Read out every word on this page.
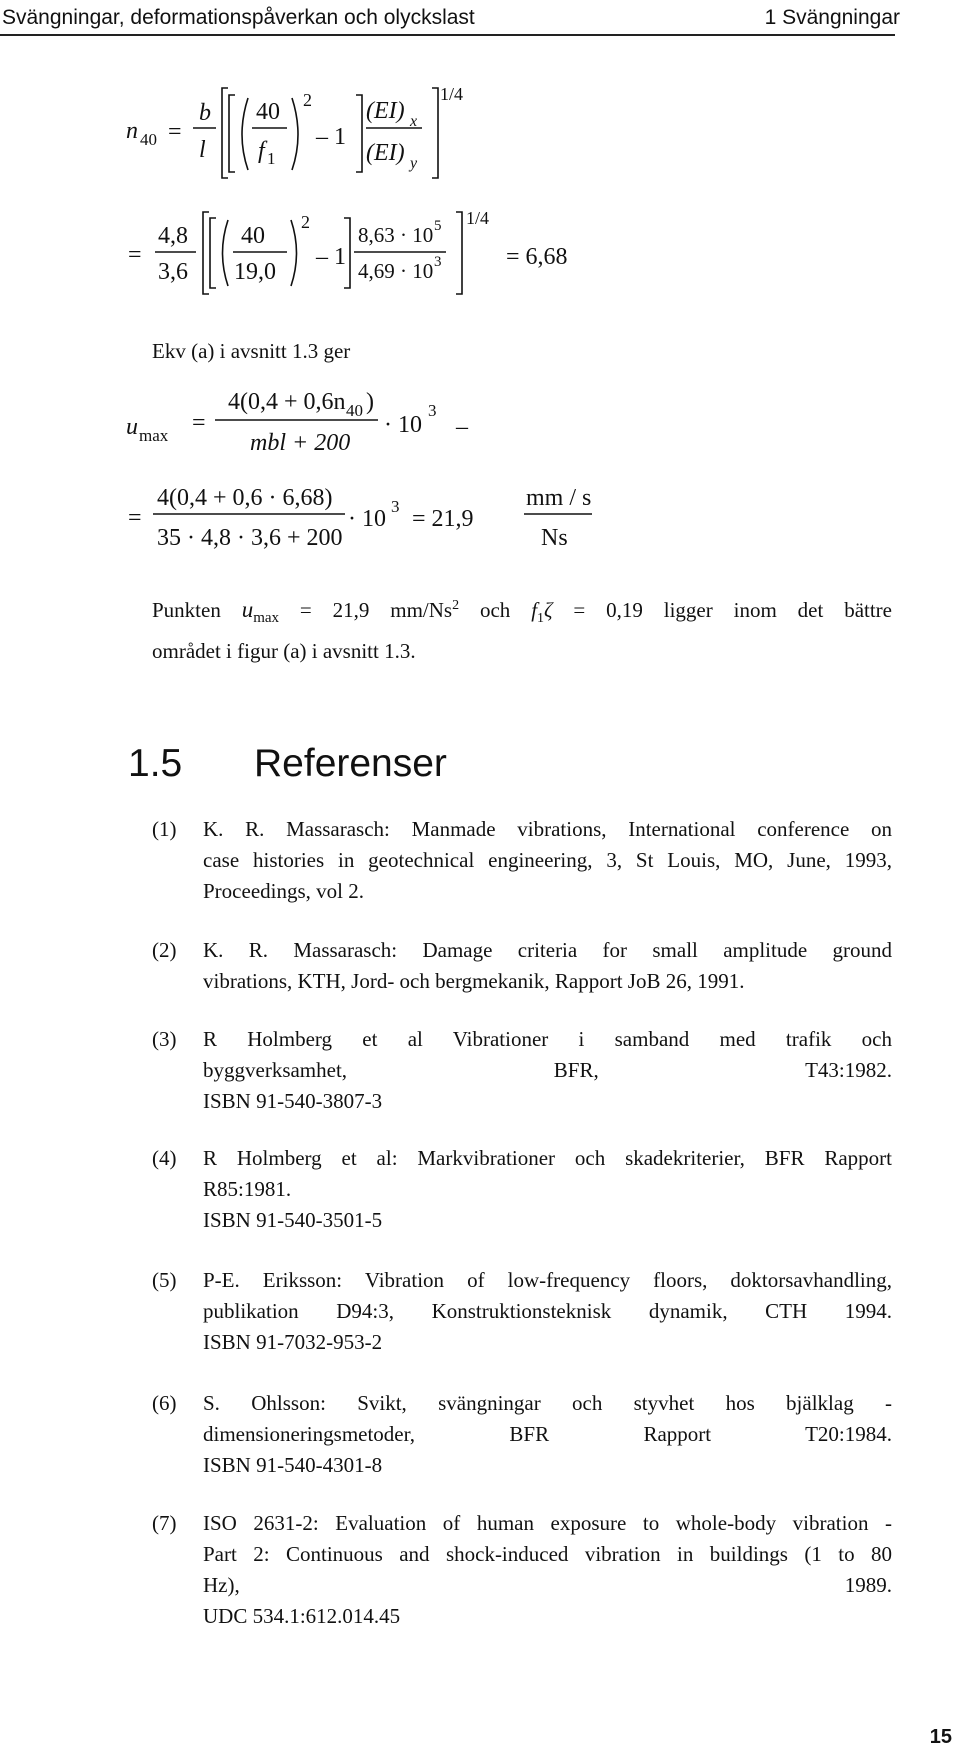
Svängningar, deformationspåverkan och olyckslast	1 Svängningar
n 40 =
b
l
40
f 1
2
– 1
(EI) x
(EI) y
1/4
=
4,8
3,6
40
19,0
2
– 1
8,63 · 10 5
4,69 · 10 3
1/4
= 6,68
u max =
4(0,4 + 0,6n 40 )
mbl + 200
· 10
3
–
=
4(0,4 + 0,6 · 6,68)
35 · 4,8 · 3,6 + 200
· 10 3 = 21,9
mm / s
Ns
Ekv (a) i avsnitt 1.3 ger
Punkten $u_{max} = 21,9$ mm/Ns$^2$ och $f_1\zeta = 0,19$ ligger inom det bättre
området i figur (a) i avsnitt 1.3.
1.5 Referenser
(1) K. R. Massarasch: Manmade vibrations, International conference on
case histories in geotechnical engineering, 3, St Louis, MO, June, 1993,
Proceedings, vol 2.
(2) K. R. Massarasch: Damage criteria for small amplitude ground
vibrations, KTH, Jord- och bergmekanik, Rapport JoB 26, 1991.
(3) R Holmberg et al Vibrationer i samband med trafik och
byggverksamhet, BFR, T43:1982.
ISBN 91-540-3807-3
(4) R Holmberg et al: Markvibrationer och skadekriterier, BFR Rapport
R85:1981.
ISBN 91-540-3501-5
(5) P-E. Eriksson: Vibration of low-frequency floors, doktorsavhandling,
publikation D94:3, Konstruktionsteknisk dynamik, CTH 1994.
ISBN 91-7032-953-2
(6) S. Ohlsson: Svikt, svängningar och styvhet hos bjälklag -
dimensioneringsmetoder, BFR Rapport T20:1984.
ISBN 91-540-4301-8
(7) ISO 2631-2: Evaluation of human exposure to whole-body vibration -
Part 2: Continuous and shock-induced vibration in buildings (1 to 80
Hz), 1989.
UDC 534.1:612.014.45
15
